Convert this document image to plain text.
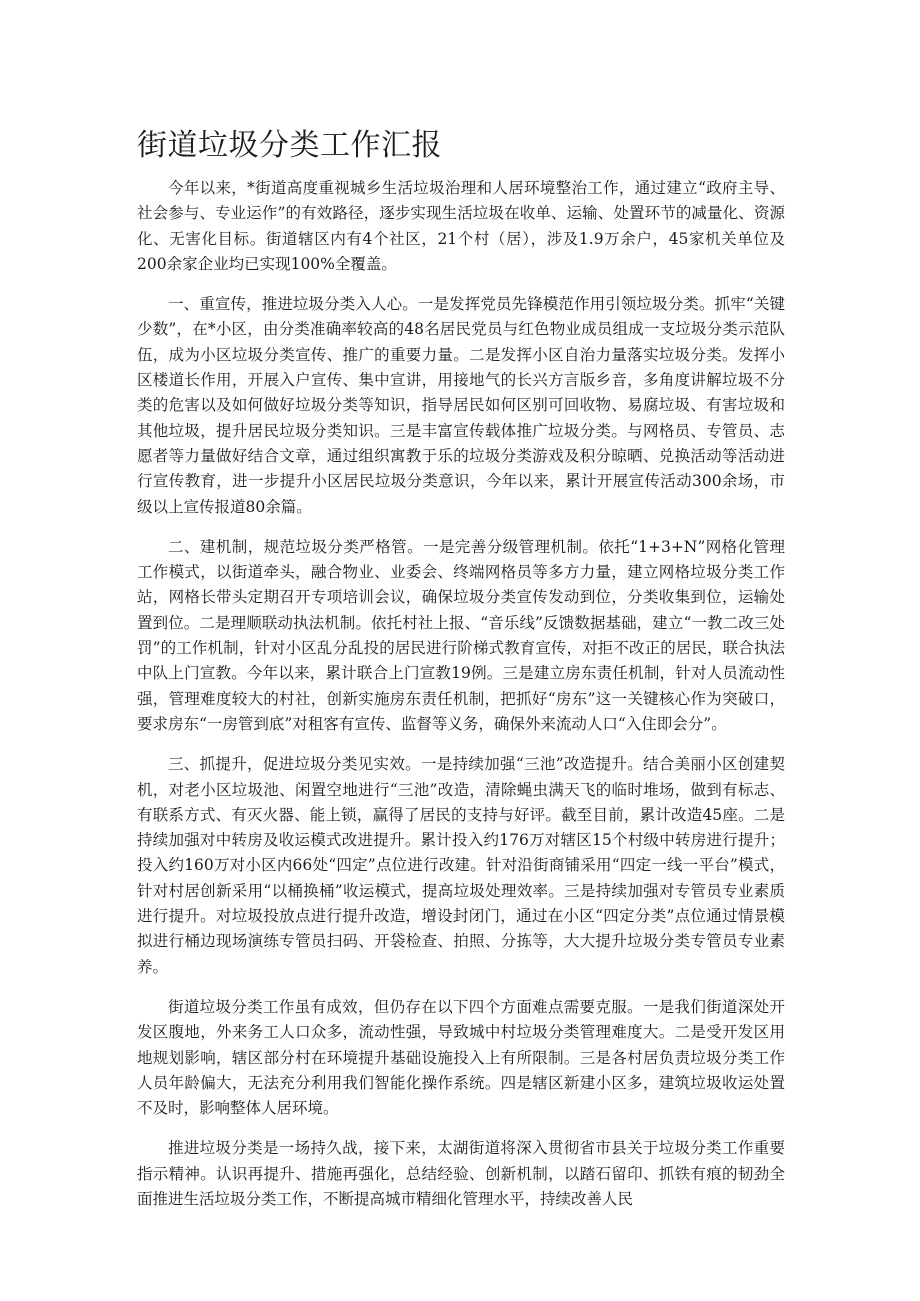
街道垃圾分类工作汇报

今年以来，*街道高度重视城乡生活垃圾治理和人居环境整治工作，通过建立“政府主导、社会参与、专业运作”的有效路径，逐步实现生活垃圾在收单、运输、处置环节的减量化、资源化、无害化目标。街道辖区内有4个社区，21个村（居），涉及1.9万余户，45家机关单位及200余家企业均已实现100%全覆盖。

一、重宣传，推进垃圾分类入人心。一是发挥党员先锋模范作用引领垃圾分类。抓牢“关键少数”，在*小区，由分类准确率较高的48名居民党员与红色物业成员组成一支垃圾分类示范队伍，成为小区垃圾分类宣传、推广的重要力量。二是发挥小区自治力量落实垃圾分类。发挥小区楼道长作用，开展入户宣传、集中宣讲，用接地气的长兴方言版乡音，多角度讲解垃圾不分类的危害以及如何做好垃圾分类等知识，指导居民如何区别可回收物、易腐垃圾、有害垃圾和其他垃圾，提升居民垃圾分类知识。三是丰富宣传载体推广垃圾分类。与网格员、专管员、志愿者等力量做好结合文章，通过组织寓教于乐的垃圾分类游戏及积分晾晒、兑换活动等活动进行宣传教育，进一步提升小区居民垃圾分类意识，今年以来，累计开展宣传活动300余场，市级以上宣传报道80余篇。

二、建机制，规范垃圾分类严格管。一是完善分级管理机制。依托“1+3+N”网格化管理工作模式，以街道牵头，融合物业、业委会、终端网格员等多方力量，建立网格垃圾分类工作站，网格长带头定期召开专项培训会议，确保垃圾分类宣传发动到位，分类收集到位，运输处置到位。二是理顺联动执法机制。依托村社上报、“音乐线”反馈数据基础，建立“一教二改三处罚”的工作机制，针对小区乱分乱投的居民进行阶梯式教育宣传，对拒不改正的居民，联合执法中队上门宣教。今年以来，累计联合上门宣教19例。三是建立房东责任机制，针对人员流动性强，管理难度较大的村社，创新实施房东责任机制，把抓好“房东”这一关键核心作为突破口，要求房东“一房管到底”对租客有宣传、监督等义务，确保外来流动人口“入住即会分”。

三、抓提升，促进垃圾分类见实效。一是持续加强“三池”改造提升。结合美丽小区创建契机，对老小区垃圾池、闲置空地进行“三池”改造，清除蝇虫满天飞的临时堆场，做到有标志、有联系方式、有灭火器、能上锁，赢得了居民的支持与好评。截至目前，累计改造45座。二是持续加强对中转房及收运模式改进提升。累计投入约176万对辖区15个村级中转房进行提升；投入约160万对小区内66处“四定”点位进行改建。针对沿街商铺采用“四定一线一平台”模式，针对村居创新采用“以桶换桶”收运模式，提高垃圾处理效率。三是持续加强对专管员专业素质进行提升。对垃圾投放点进行提升改造，增设封闭门，通过在小区“四定分类”点位通过情景模拟进行桶边现场演练专管员扫码、开袋检查、拍照、分拣等，大大提升垃圾分类专管员专业素养。

街道垃圾分类工作虽有成效，但仍存在以下四个方面难点需要克服。一是我们街道深处开发区腹地，外来务工人口众多，流动性强，导致城中村垃圾分类管理难度大。二是受开发区用地规划影响，辖区部分村在环境提升基础设施投入上有所限制。三是各村居负责垃圾分类工作人员年龄偏大，无法充分利用我们智能化操作系统。四是辖区新建小区多，建筑垃圾收运处置不及时，影响整体人居环境。

推进垃圾分类是一场持久战，接下来，太湖街道将深入贯彻省市县关于垃圾分类工作重要指示精神。认识再提升、措施再强化，总结经验、创新机制，以踏石留印、抓铁有痕的韧劲全面推进生活垃圾分类工作，不断提高城市精细化管理水平，持续改善人民
